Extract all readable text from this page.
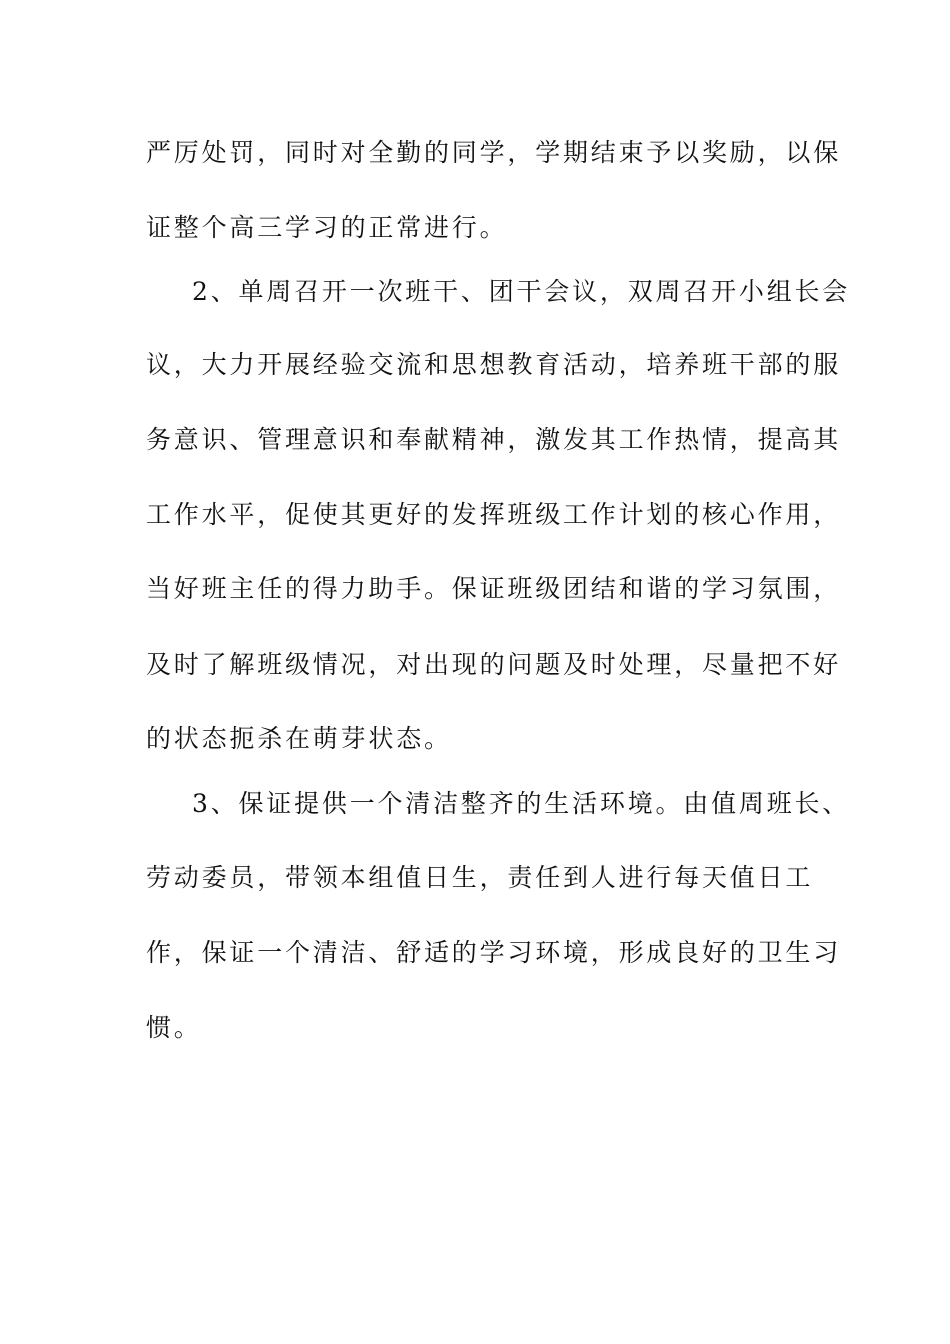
严厉处罚，同时对全勤的同学，学期结束予以奖励，以保
证整个高三学习的正常进行。
2、单周召开一次班干、团干会议，双周召开小组长会
议，大力开展经验交流和思想教育活动，培养班干部的服
务意识、管理意识和奉献精神，激发其工作热情，提高其
工作水平，促使其更好的发挥班级工作计划的核心作用，
当好班主任的得力助手。保证班级团结和谐的学习氛围，
及时了解班级情况，对出现的问题及时处理，尽量把不好
的状态扼杀在萌芽状态。
3、保证提供一个清洁整齐的生活环境。由值周班长、
劳动委员，带领本组值日生，责任到人进行每天值日工
作，保证一个清洁、舒适的学习环境，形成良好的卫生习
惯。
